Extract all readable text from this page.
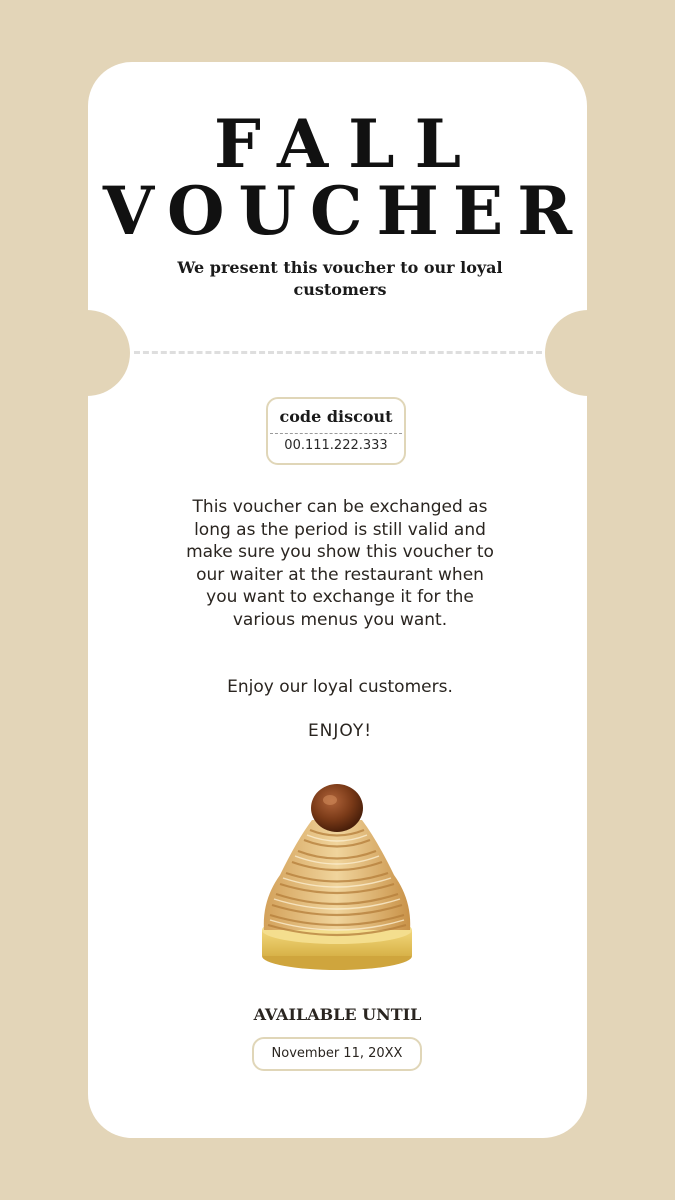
FALL
VOUCHER
We present this voucher to our loyal customers
code discout
00.111.222.333
This voucher can be exchanged as long as the period is still valid and make sure you show this voucher to our waiter at the restaurant when you want to exchange it for the various menus you want.
Enjoy our loyal customers.
ENJOY!
AVAILABLE UNTIL
November 11, 20XX
